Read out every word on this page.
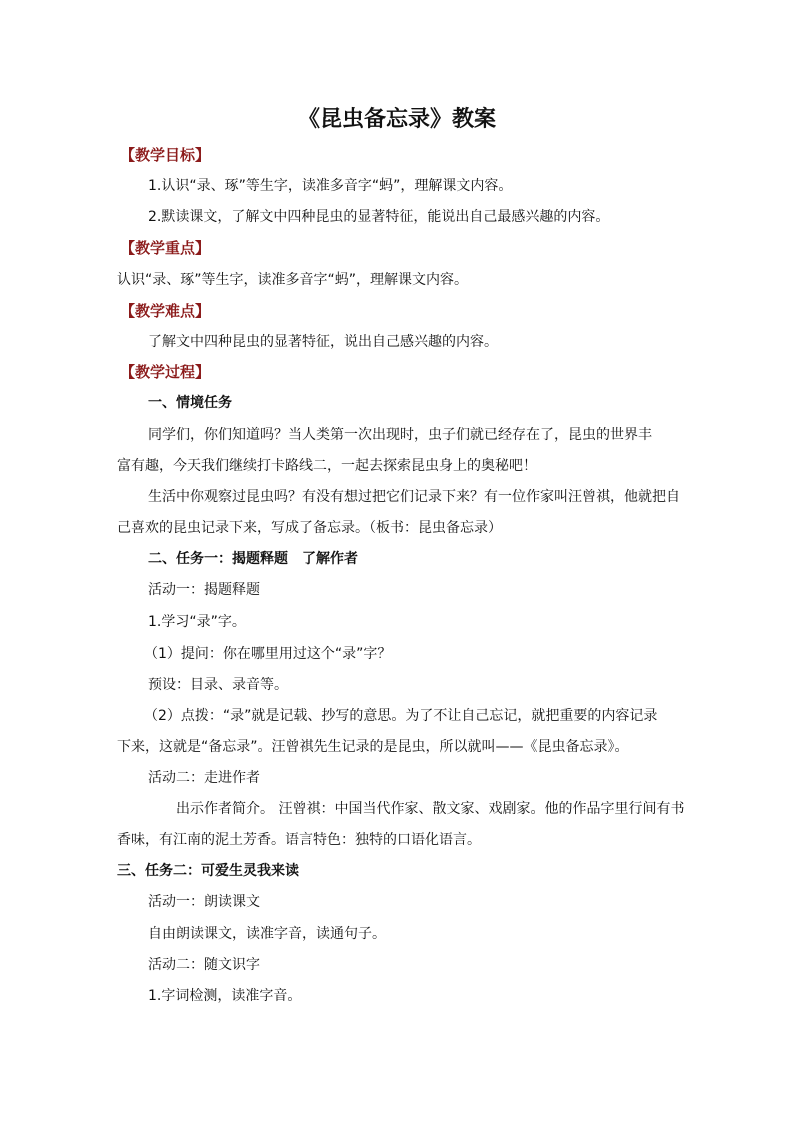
《昆虫备忘录》教案
【教学目标】
1.认识“录、琢”等生字，读准多音字“蚂”，理解课文内容。
2.默读课文，了解文中四种昆虫的显著特征，能说出自己最感兴趣的内容。
【教学重点】
认识“录、琢”等生字，读准多音字“蚂”，理解课文内容。
【教学难点】
了解文中四种昆虫的显著特征，说出自己感兴趣的内容。
【教学过程】
一、情境任务
同学们，你们知道吗？当人类第一次出现时，虫子们就已经存在了，昆虫的世界丰
富有趣，今天我们继续打卡路线二，一起去探索昆虫身上的奥秘吧！
生活中你观察过昆虫吗？有没有想过把它们记录下来？有一位作家叫汪曾祺，他就把自
己喜欢的昆虫记录下来，写成了备忘录。（板书：昆虫备忘录）
二、任务一：揭题释题　了解作者
活动一：揭题释题
1.学习“录”字。
（1）提问：你在哪里用过这个“录”字？
预设：目录、录音等。
（2）点拨：“录”就是记载、抄写的意思。为了不让自己忘记，就把重要的内容记录
下来，这就是“备忘录”。汪曾祺先生记录的是昆虫，所以就叫——《昆虫备忘录》。
活动二：走进作者
出示作者简介。 汪曾祺：中国当代作家、散文家、戏剧家。他的作品字里行间有书
香味，有江南的泥土芳香。语言特色：独特的口语化语言。
三、任务二：可爱生灵我来读
活动一：朗读课文
自由朗读课文，读准字音，读通句子。
活动二：随文识字
1.字词检测，读准字音。
